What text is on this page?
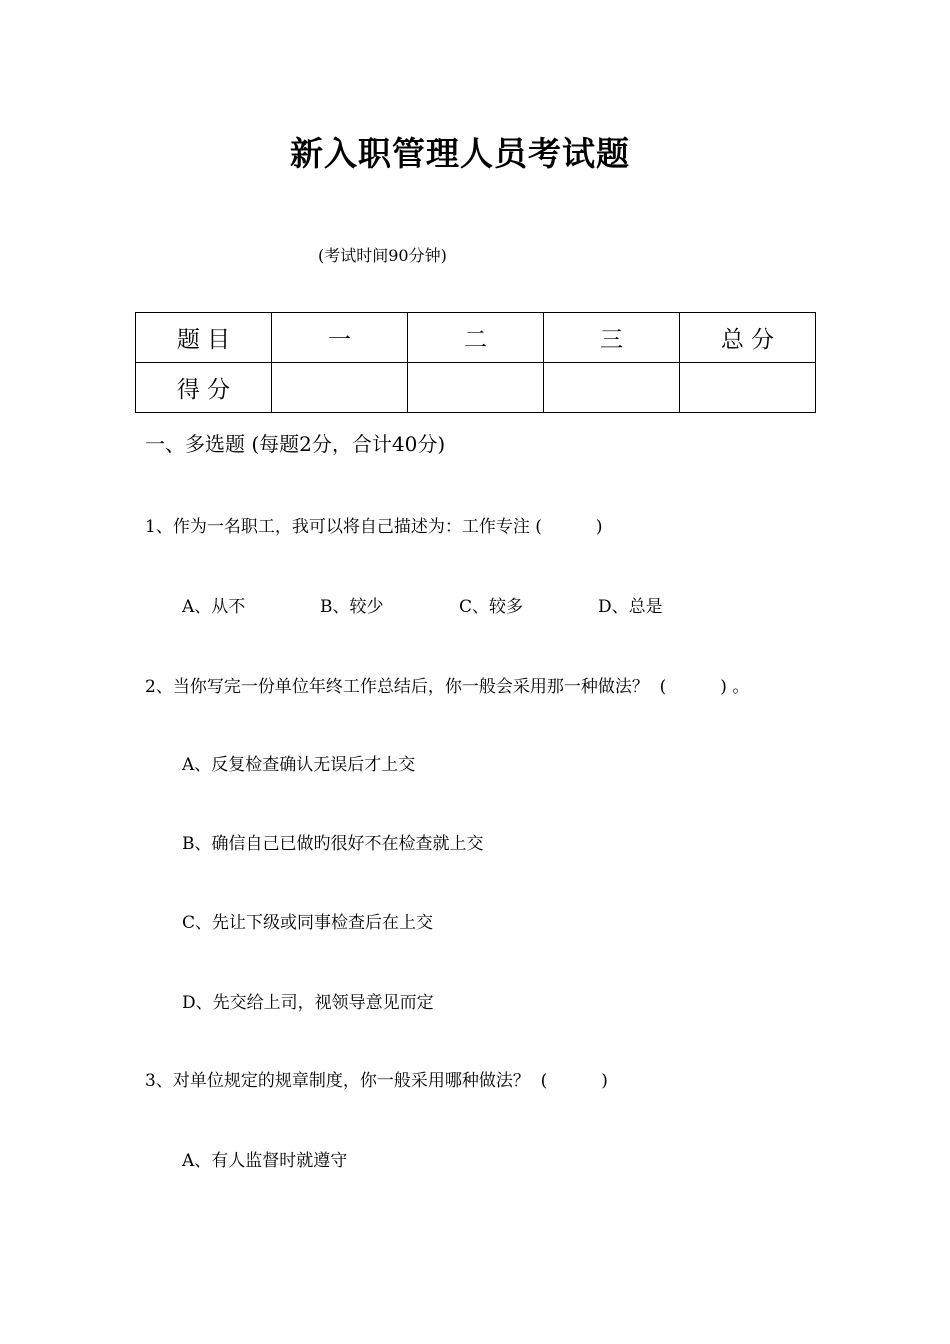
新入职管理人员考试题
(考试时间90分钟)
题 目	一	二	三	总 分
得 分				
一、多选题 (每题2分，合计40分)
1、作为一名职工，我可以将自己描述为：工作专注 (          )
A、从不	B、较少	C、较多	D、总是
2、当你写完一份单位年终工作总结后，你一般会采用那一种做法？  (          ) 。
A、反复检查确认无误后才上交
B、确信自己已做旳很好不在检查就上交
C、先让下级或同事检查后在上交
D、先交给上司，视领导意见而定
3、对单位规定的规章制度，你一般采用哪种做法？  (          )
A、有人监督时就遵守
